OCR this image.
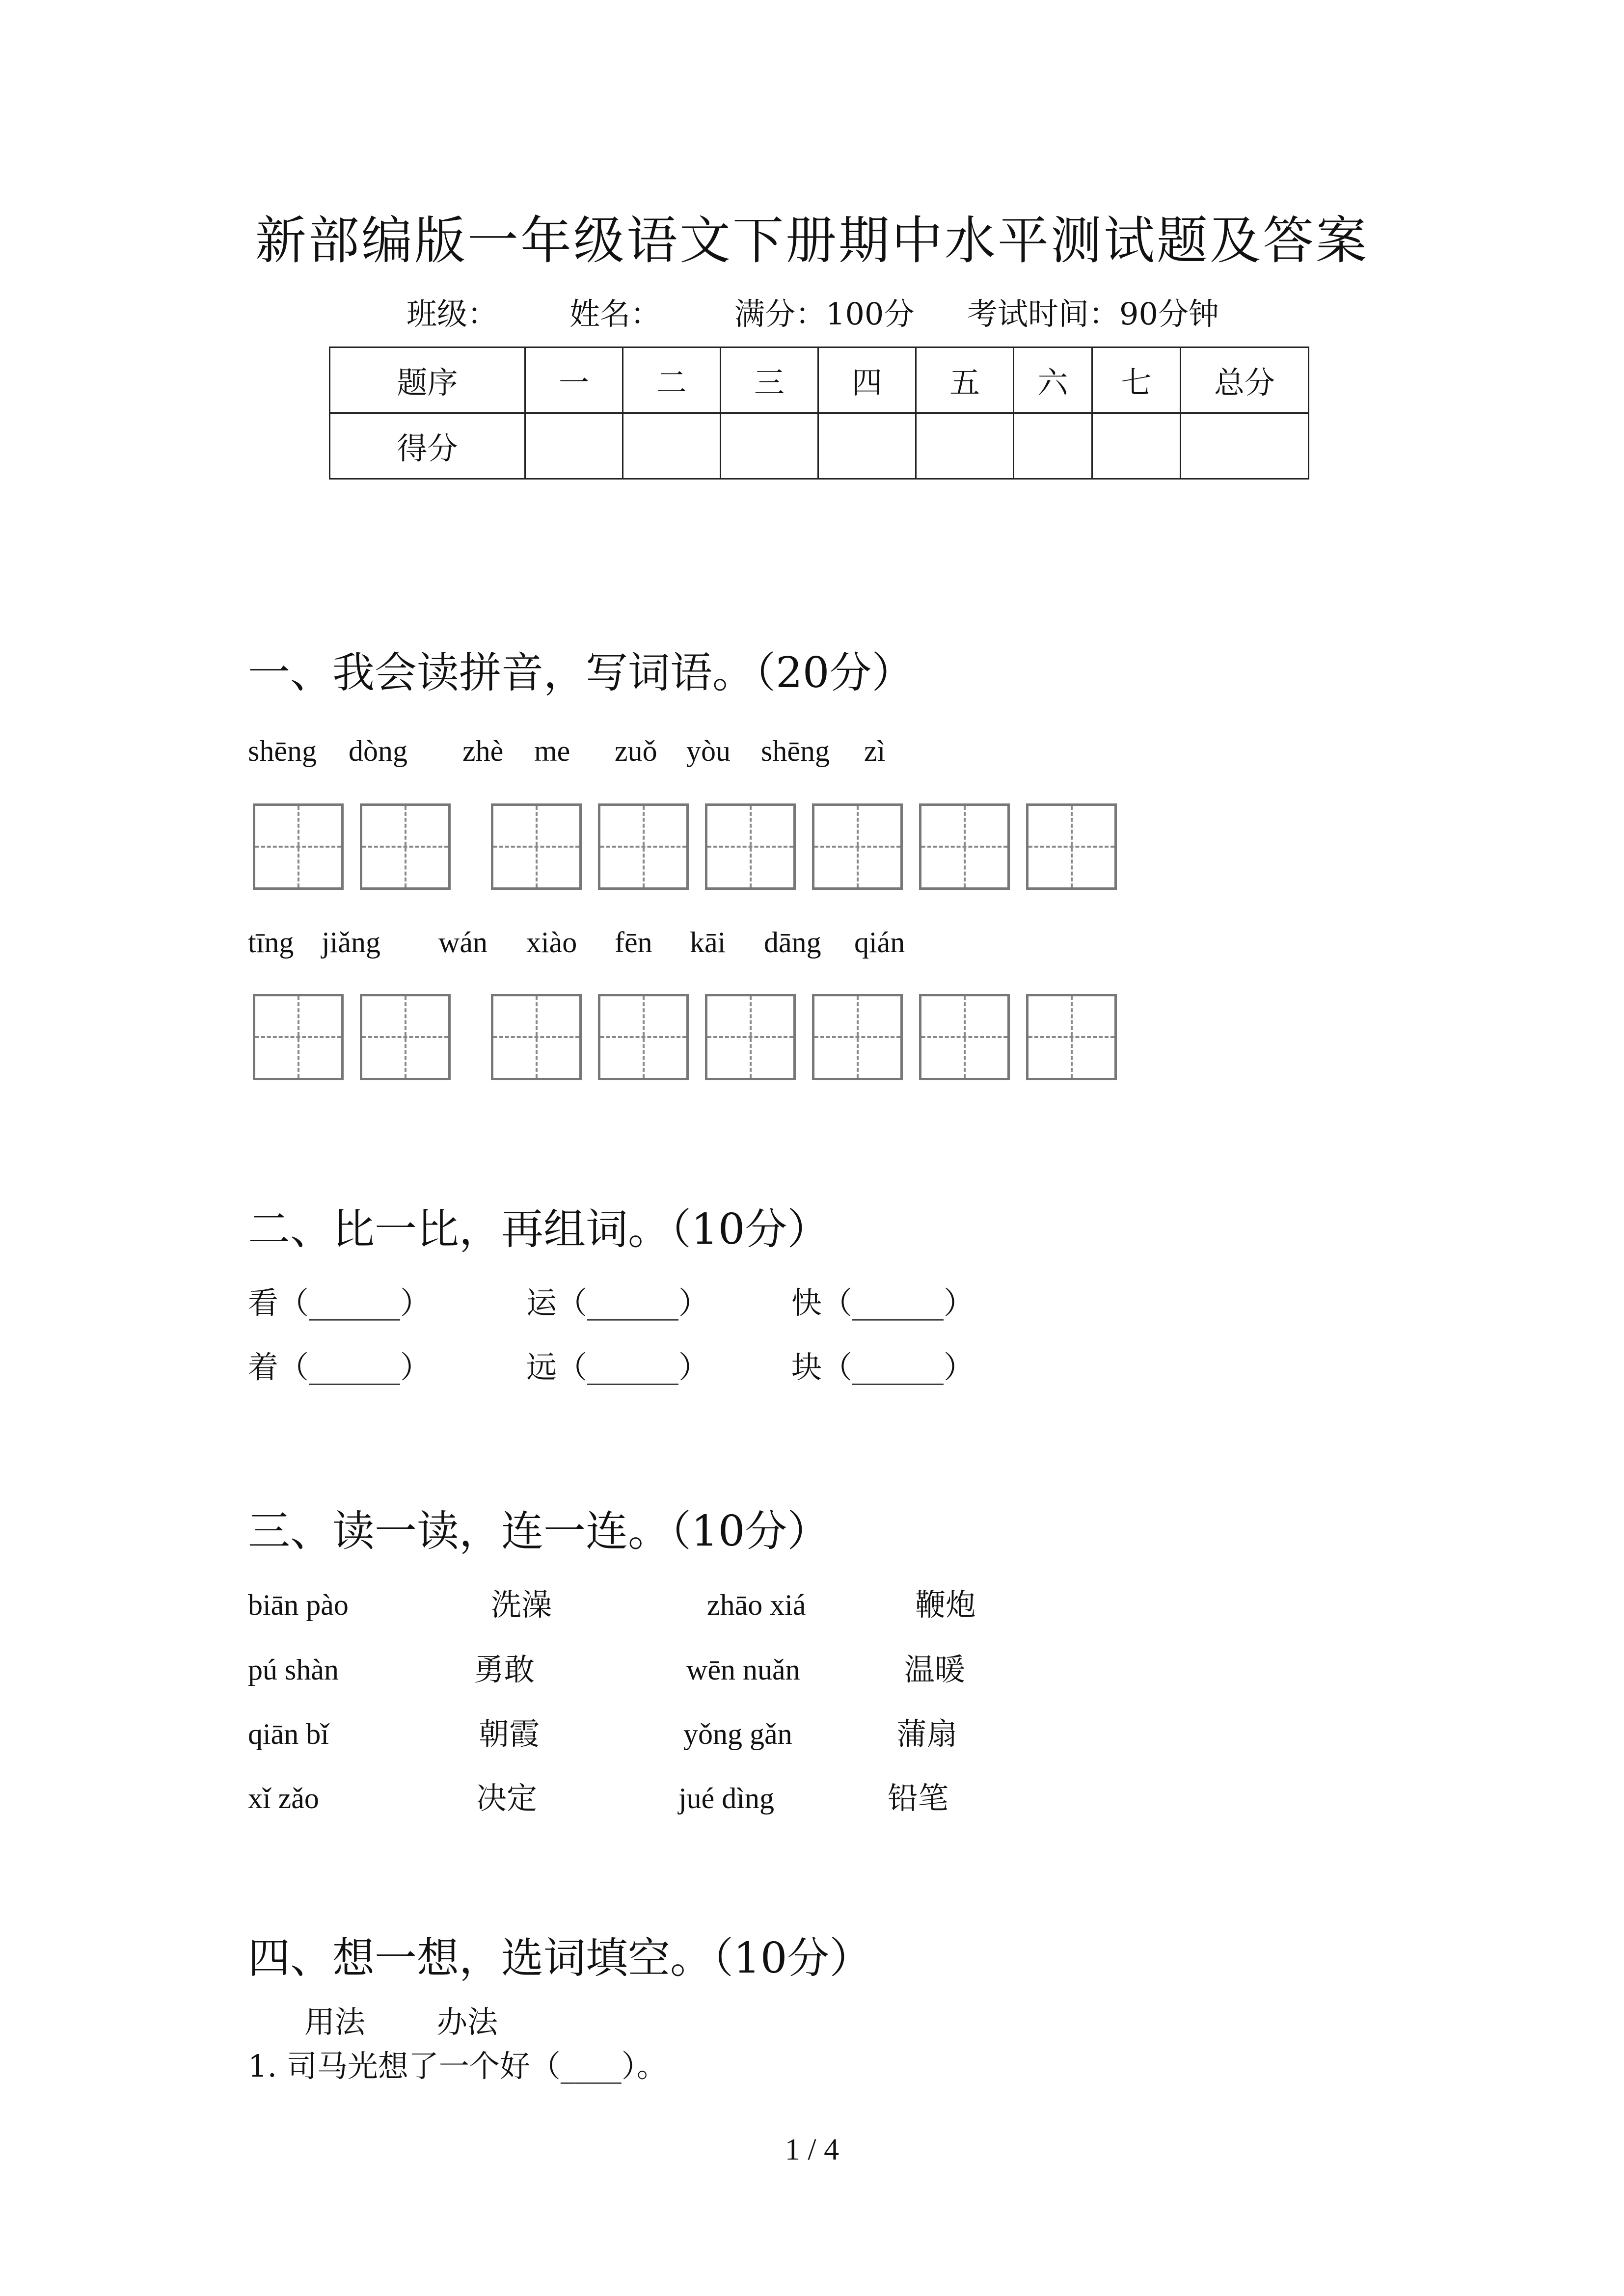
新部编版一年级语文下册期中水平测试题及答案
班级： 姓名： 满分：100分 考试时间：90分钟
题序	一	二	三	四	五	六	七	总分
得分								
一、我会读拼音，写词语。（20分）
shēng dòng zhè me zuǒ yòu shēng zì
tīng jiǎng wán xiào fēn kāi dāng qián
二、比一比，再组词。（10分）
看（______）	运（______）	快（______）
着（______）	远（______）	块（______）
三、读一读，连一连。（10分）
biān pào	洗澡	zhāo xiá	鞭炮
pú shàn	勇敢	wēn nuǎn	温暖
qiān bǐ	朝霞	yǒng gǎn	蒲扇
xǐ zǎo	决定	jué dìng	铅笔
四、想一想，选词填空。（10分）
用法 办法
1. 司马光想了一个好（____）。
1 / 4
